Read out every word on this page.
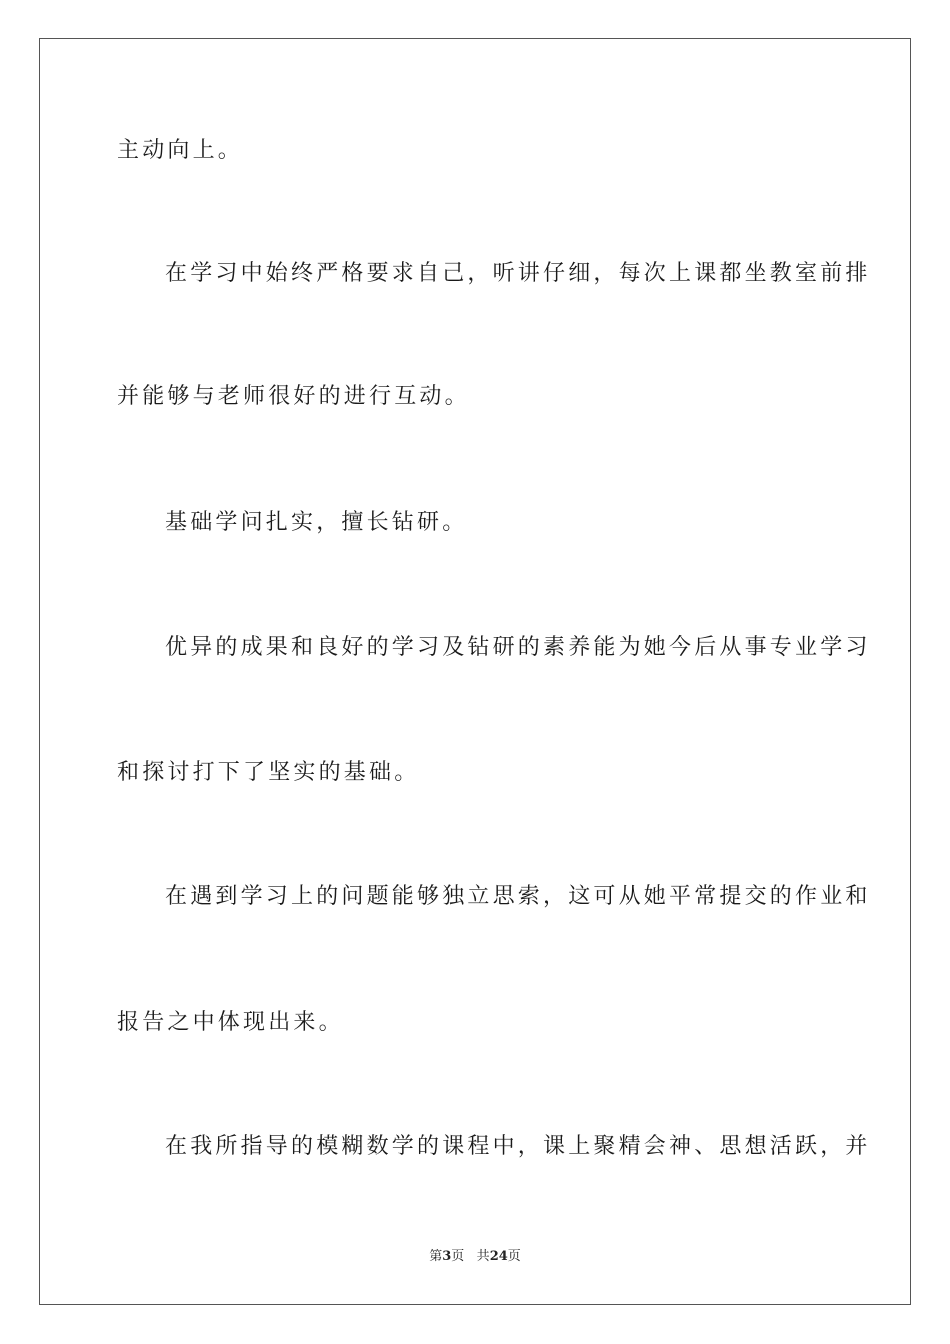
主动向上。
在学习中始终严格要求自己，听讲仔细，每次上课都坐教室前排
并能够与老师很好的进行互动。
基础学问扎实，擅长钻研。
优异的成果和良好的学习及钻研的素养能为她今后从事专业学习
和探讨打下了坚实的基础。
在遇到学习上的问题能够独立思索，这可从她平常提交的作业和
报告之中体现出来。
在我所指导的模糊数学的课程中，课上聚精会神、思想活跃，并
第3页 共24页
